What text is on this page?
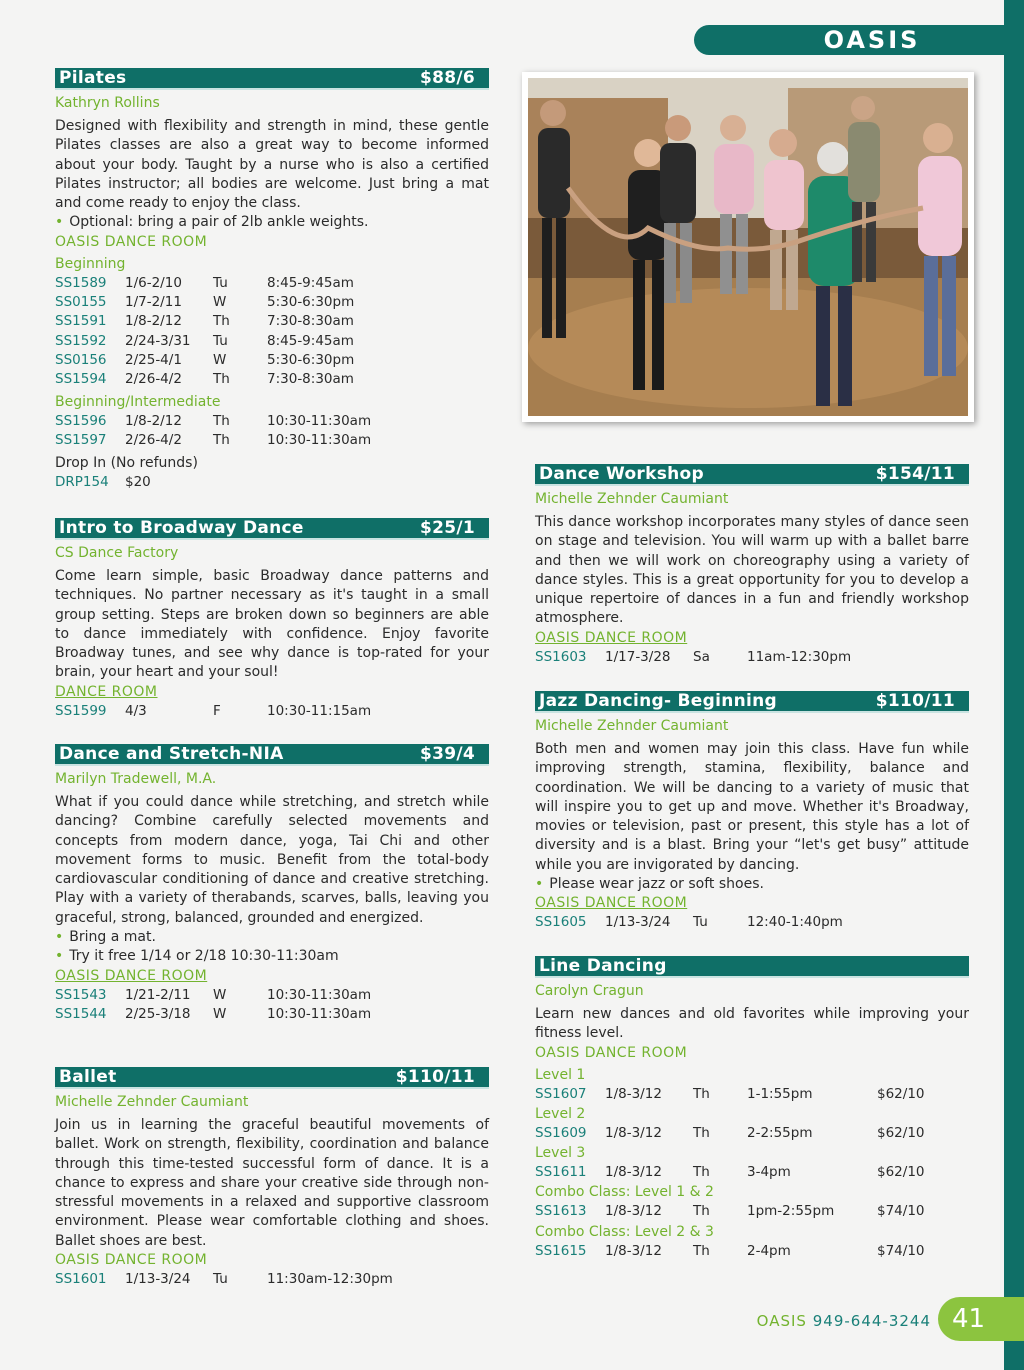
OASIS
Pilates	$88/6
Kathryn Rollins
Designed with flexibility and strength in mind, these gentle Pilates classes are also a great way to become informed about your body. Taught by a nurse who is also a certified Pilates instructor; all bodies are welcome. Just bring a mat and come ready to enjoy the class.
• Optional: bring a pair of 2lb ankle weights.
OASIS DANCE ROOM
Beginning
SS1589 1/6-2/10 Tu	8:45-9:45am
SS0155 1/7-2/11 W	5:30-6:30pm
SS1591 1/8-2/12 Th	7:30-8:30am
SS1592 2/24-3/31 Tu	8:45-9:45am
SS0156 2/25-4/1 W	5:30-6:30pm
SS1594 2/26-4/2 Th	7:30-8:30am
Beginning/Intermediate
SS1596 1/8-2/12 Th	10:30-11:30am
SS1597 2/26-4/2 Th	10:30-11:30am
Drop In (No refunds)
DRP154 $20
Intro to Broadway Dance	$25/1
CS Dance Factory
Come learn simple, basic Broadway dance patterns and techniques. No partner necessary as it's taught in a small group setting. Steps are broken down so beginners are able to dance immediately with confidence. Enjoy favorite Broadway tunes, and see why dance is top-rated for your brain, your heart and your soul!
DANCE ROOM
SS1599 4/3	F	10:30-11:15am
Dance and Stretch-NIA	$39/4
Marilyn Tradewell, M.A.
What if you could dance while stretching, and stretch while dancing? Combine carefully selected movements and concepts from modern dance, yoga, Tai Chi and other movement forms to music. Benefit from the total-body cardiovascular conditioning of dance and creative stretching. Play with a variety of therabands, scarves, balls, leaving you graceful, strong, balanced, grounded and energized.
• Bring a mat.
• Try it free 1/14 or 2/18 10:30-11:30am
OASIS DANCE ROOM
SS1543 1/21-2/11 W	10:30-11:30am
SS1544 2/25-3/18 W	10:30-11:30am
Ballet	$110/11
Michelle Zehnder Caumiant
Join us in learning the graceful beautiful movements of ballet. Work on strength, flexibility, coordination and balance through this time-tested successful form of dance. It is a chance to express and share your creative side through non-stressful movements in a relaxed and supportive classroom environment. Please wear comfortable clothing and shoes. Ballet shoes are best.
OASIS DANCE ROOM
SS1601 1/13-3/24 Tu	11:30am-12:30pm
Dance Workshop	$154/11
Michelle Zehnder Caumiant
This dance workshop incorporates many styles of dance seen on stage and television. You will warm up with a ballet barre and then we will work on choreography using a variety of dance styles. This is a great opportunity for you to develop a unique repertoire of dances in a fun and friendly workshop atmosphere.
OASIS DANCE ROOM
SS1603 1/17-3/28 Sa	11am-12:30pm
Jazz Dancing- Beginning	$110/11
Michelle Zehnder Caumiant
Both men and women may join this class. Have fun while improving strength, stamina, flexibility, balance and coordination. We will be dancing to a variety of music that will inspire you to get up and move. Whether it's Broadway, movies or television, past or present, this style has a lot of diversity and is a blast. Bring your “let's get busy” attitude while you are invigorated by dancing.
• Please wear jazz or soft shoes.
OASIS DANCE ROOM
SS1605 1/13-3/24 Tu	12:40-1:40pm
Line Dancing
Carolyn Cragun
Learn new dances and old favorites while improving your fitness level.
OASIS DANCE ROOM
Level 1
SS1607 1/8-3/12 Th	1-1:55pm	$62/10
Level 2
SS1609 1/8-3/12 Th	2-2:55pm	$62/10
Level 3
SS1611 1/8-3/12 Th	3-4pm	$62/10
Combo Class: Level 1 & 2
SS1613 1/8-3/12 Th	1pm-2:55pm	$74/10
Combo Class: Level 2 & 3
SS1615 1/8-3/12 Th	2-4pm	$74/10
OASIS 949-644-3244 41
